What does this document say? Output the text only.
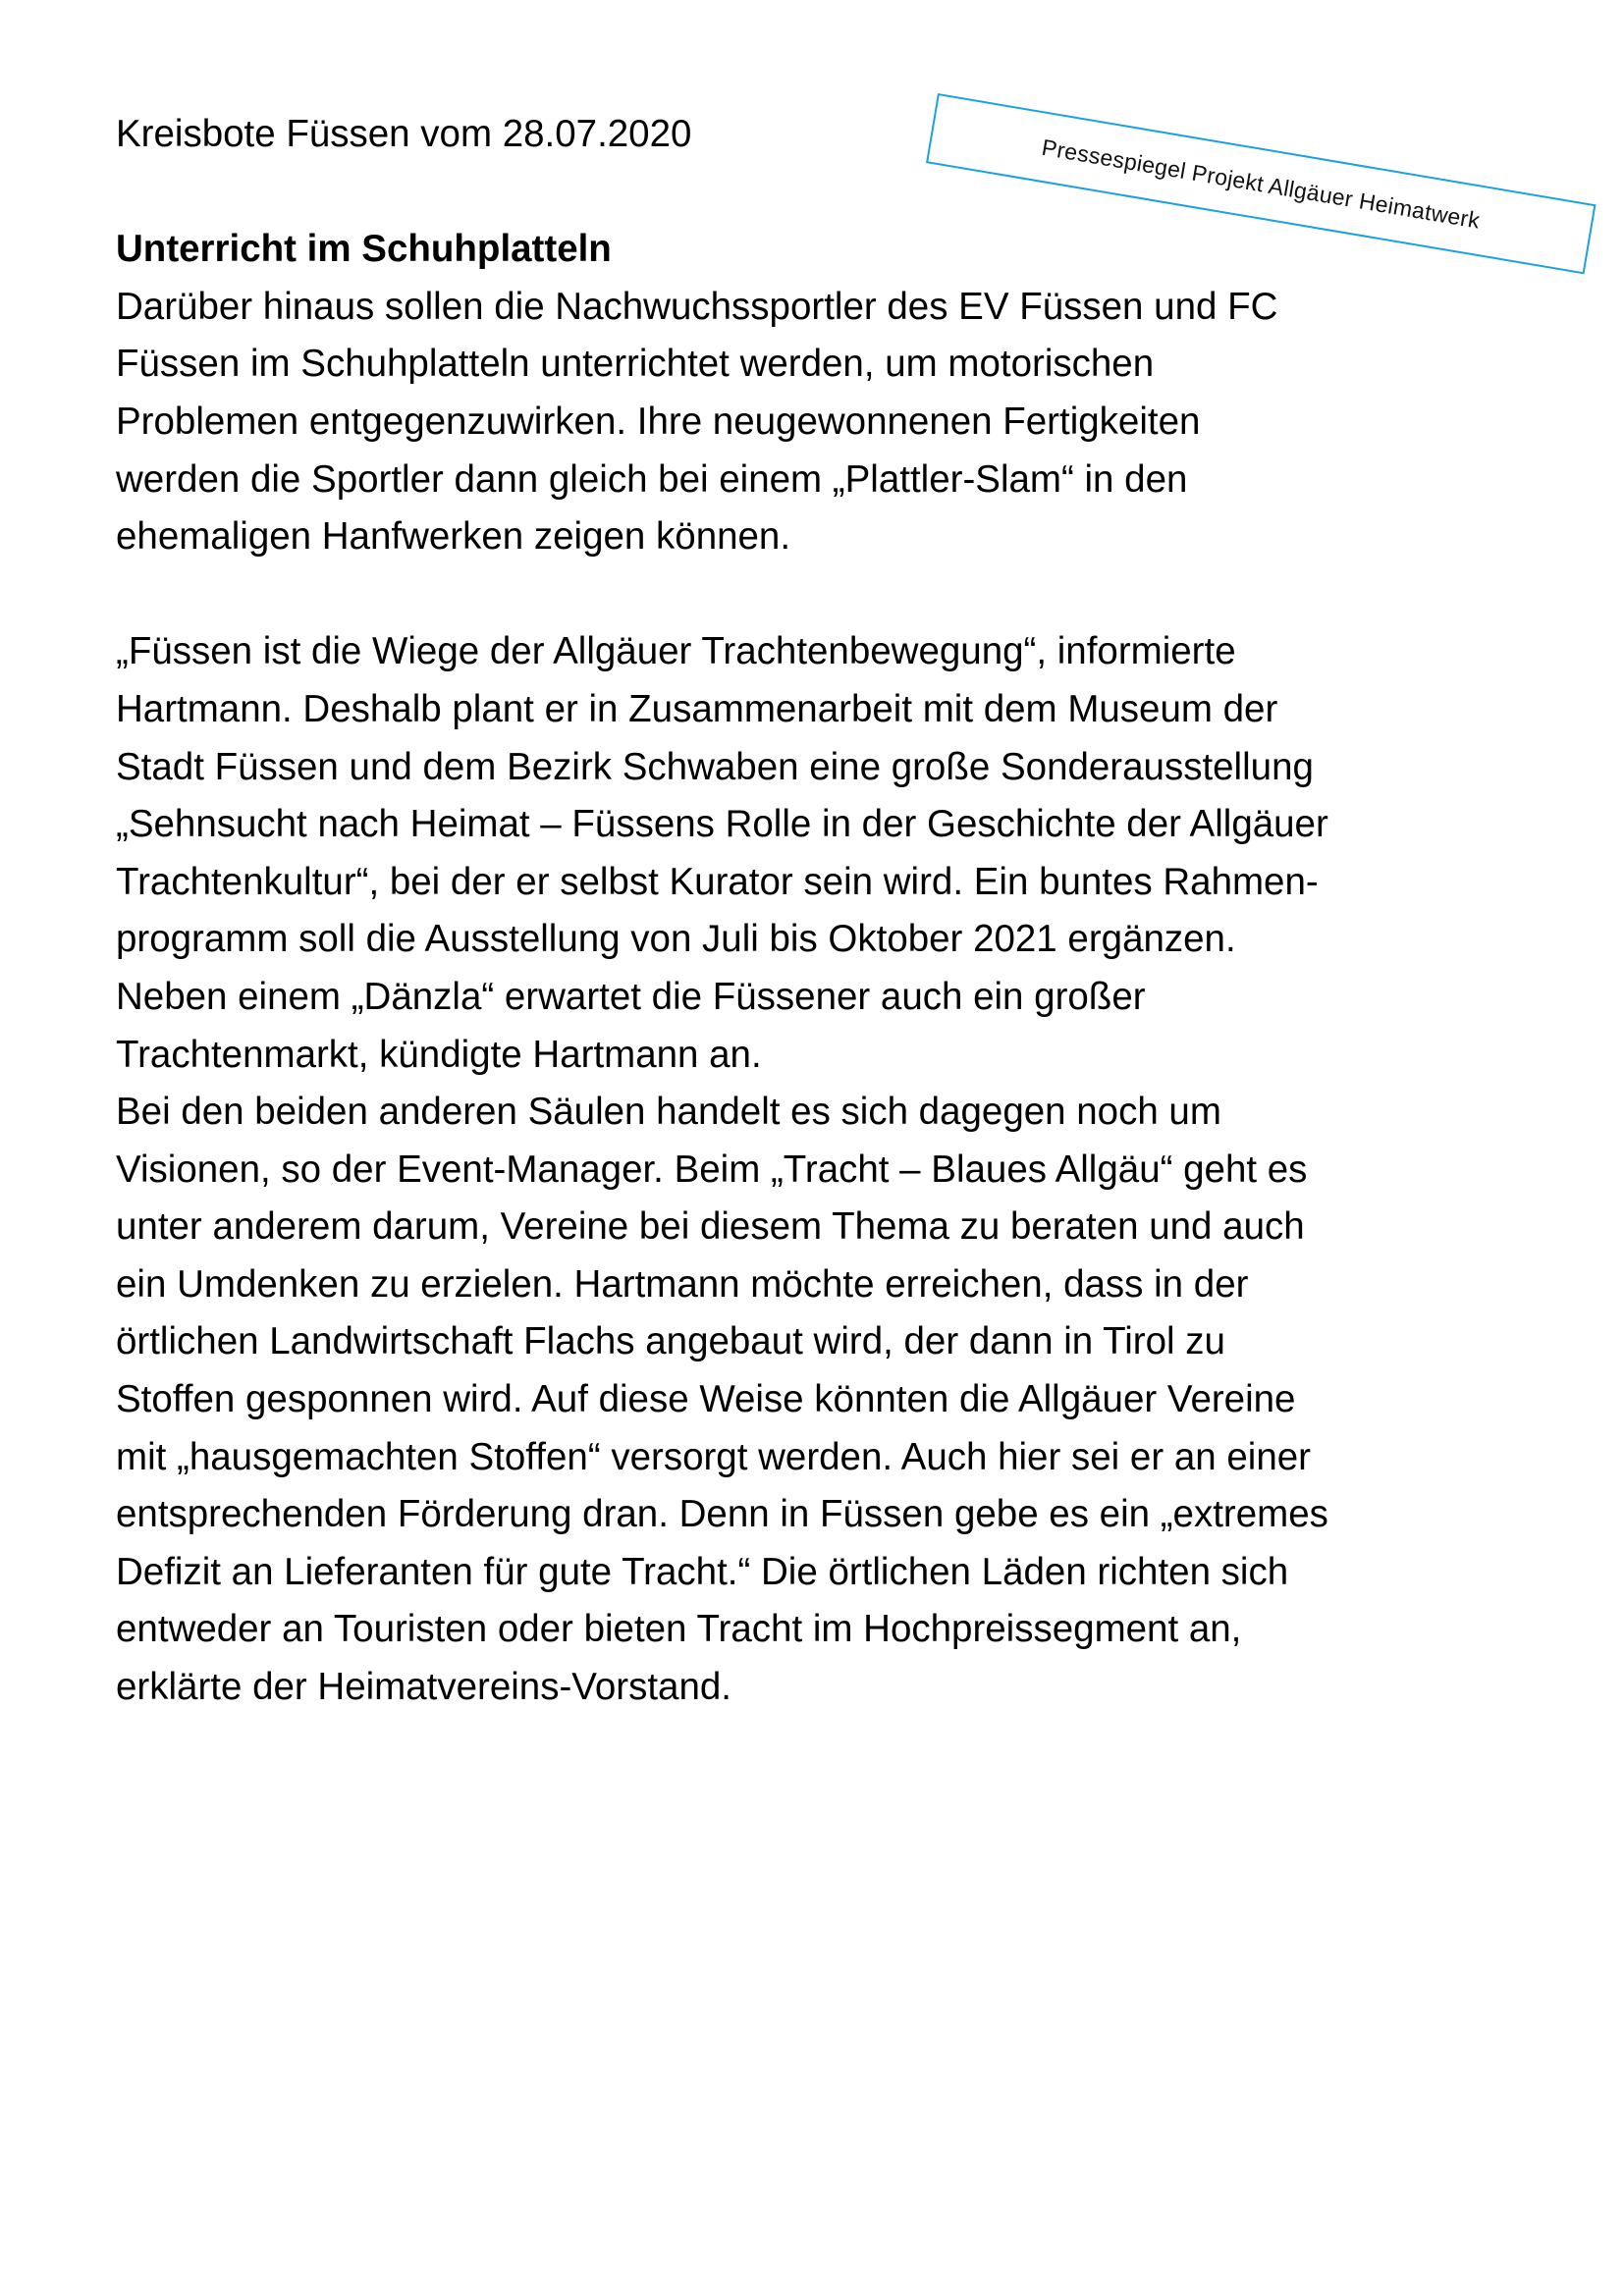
Pressespiegel Projekt Allgäuer Heimatwerk

Kreisbote Füssen vom 28.07.2020

Unterricht im Schuhplatteln

Darüber hinaus sollen die Nachwuchssportler des EV Füssen und FC
Füssen im Schuhplatteln unterrichtet werden, um motorischen
Problemen entgegenzuwirken. Ihre neugewonnenen Fertigkeiten
werden die Sportler dann gleich bei einem „Plattler-Slam“ in den
ehemaligen Hanfwerken zeigen können.

„Füssen ist die Wiege der Allgäuer Trachtenbewegung“, informierte
Hartmann. Deshalb plant er in Zusammenarbeit mit dem Museum der
Stadt Füssen und dem Bezirk Schwaben eine große Sonderausstellung
„Sehnsucht nach Heimat – Füssens Rolle in der Geschichte der Allgäuer
Trachtenkultur“, bei der er selbst Kurator sein wird. Ein buntes Rahmen-
programm soll die Ausstellung von Juli bis Oktober 2021 ergänzen.
Neben einem „Dänzla“ erwartet die Füssener auch ein großer
Trachtenmarkt, kündigte Hartmann an.

Bei den beiden anderen Säulen handelt es sich dagegen noch um
Visionen, so der Event-Manager. Beim „Tracht – Blaues Allgäu“ geht es
unter anderem darum, Vereine bei diesem Thema zu beraten und auch
ein Umdenken zu erzielen. Hartmann möchte erreichen, dass in der
örtlichen Landwirtschaft Flachs angebaut wird, der dann in Tirol zu
Stoffen gesponnen wird. Auf diese Weise könnten die Allgäuer Vereine
mit „hausgemachten Stoffen“ versorgt werden. Auch hier sei er an einer
entsprechenden Förderung dran. Denn in Füssen gebe es ein „extremes
Defizit an Lieferanten für gute Tracht.“ Die örtlichen Läden richten sich
entweder an Touristen oder bieten Tracht im Hochpreissegment an,
erklärte der Heimatvereins-Vorstand.
